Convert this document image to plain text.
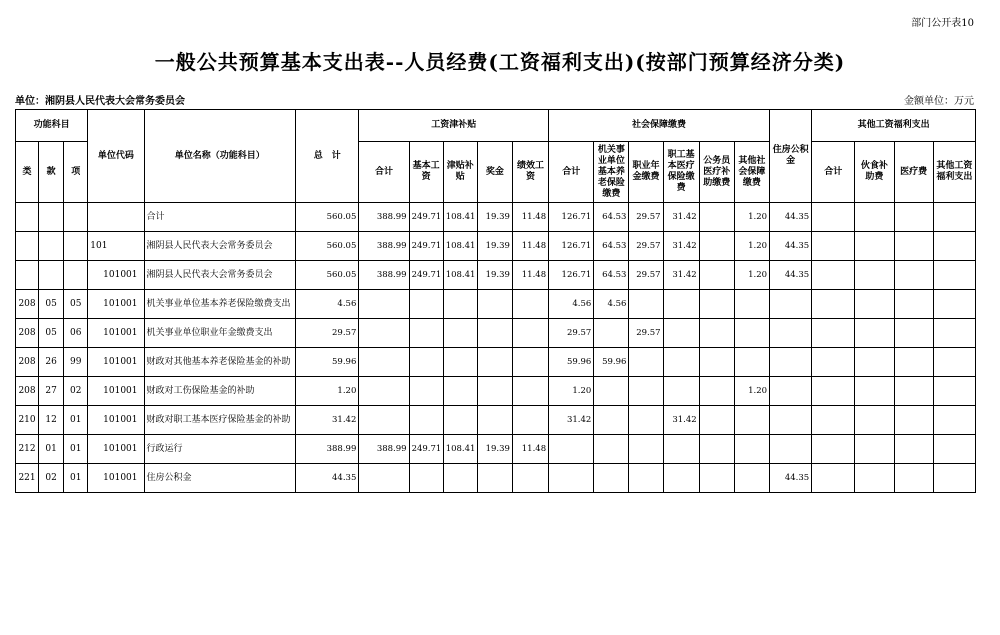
部门公开表10
一般公共预算基本支出表--人员经费(工资福利支出)(按部门预算经济分类)
单位：湘阴县人民代表大会常务委员会	金额单位：万元
功能科目			单位代码	单位名称（功能科目）	总　计	工资津补贴					社会保障缴费						住房公积金	其他工资福利支出			
类	款	项				合计	基本工资	津贴补贴	奖金	绩效工资	合计	机关事业单位基本养老保险缴费	职业年金缴费	职工基本医疗保险缴费	公务员医疗补助缴费	其他社会保障缴费		合计	伙食补助费	医疗费	其他工资福利支出
				合计	560.05	388.99	249.71	108.41	19.39	11.48	126.71	64.53	29.57	31.42		1.20	44.35				
			101	湘阴县人民代表大会常务委员会	560.05	388.99	249.71	108.41	19.39	11.48	126.71	64.53	29.57	31.42		1.20	44.35				
			101001	湘阴县人民代表大会常务委员会	560.05	388.99	249.71	108.41	19.39	11.48	126.71	64.53	29.57	31.42		1.20	44.35				
208	05	05	101001	机关事业单位基本养老保险缴费支出	4.56						4.56	4.56									
208	05	06	101001	机关事业单位职业年金缴费支出	29.57						29.57		29.57								
208	26	99	101001	财政对其他基本养老保险基金的补助	59.96						59.96	59.96									
208	27	02	101001	财政对工伤保险基金的补助	1.20						1.20					1.20					
210	12	01	101001	财政对职工基本医疗保险基金的补助	31.42						31.42			31.42							
212	01	01	101001	行政运行	388.99	388.99	249.71	108.41	19.39	11.48											
221	02	01	101001	住房公积金	44.35												44.35				
